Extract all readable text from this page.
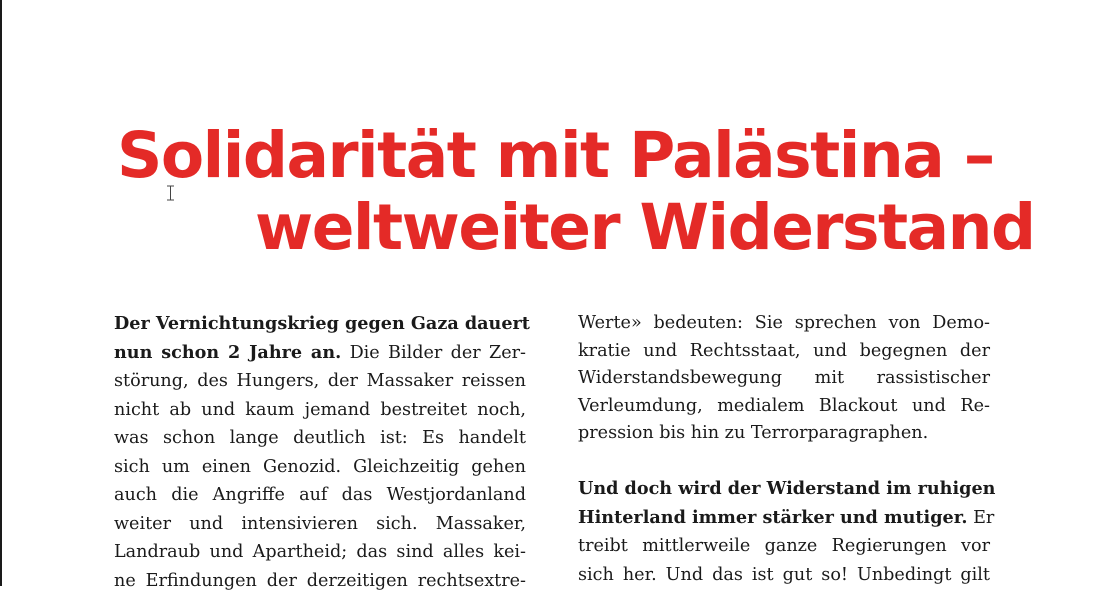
Solidarität mit Palästina –
weltweiter Widerstand

Der Vernichtungskrieg gegen Gaza dauert
nun schon 2 Jahre an. Die Bilder der Zer-
störung, des Hungers, der Massaker reissen
nicht ab und kaum jemand bestreitet noch,
was schon lange deutlich ist: Es handelt
sich um einen Genozid. Gleichzeitig gehen
auch die Angriffe auf das Westjordanland
weiter und intensivieren sich. Massaker,
Landraub und Apartheid; das sind alles kei-
ne Erfindungen der derzeitigen rechtsextre-

Werte» bedeuten: Sie sprechen von Demo-
kratie und Rechtsstaat, und begegnen der
Widerstandsbewegung mit rassistischer
Verleumdung, medialem Blackout und Re-
pression bis hin zu Terrorparagraphen.

Und doch wird der Widerstand im ruhigen
Hinterland immer stärker und mutiger. Er
treibt mittlerweile ganze Regierungen vor
sich her. Und das ist gut so! Unbedingt gilt
